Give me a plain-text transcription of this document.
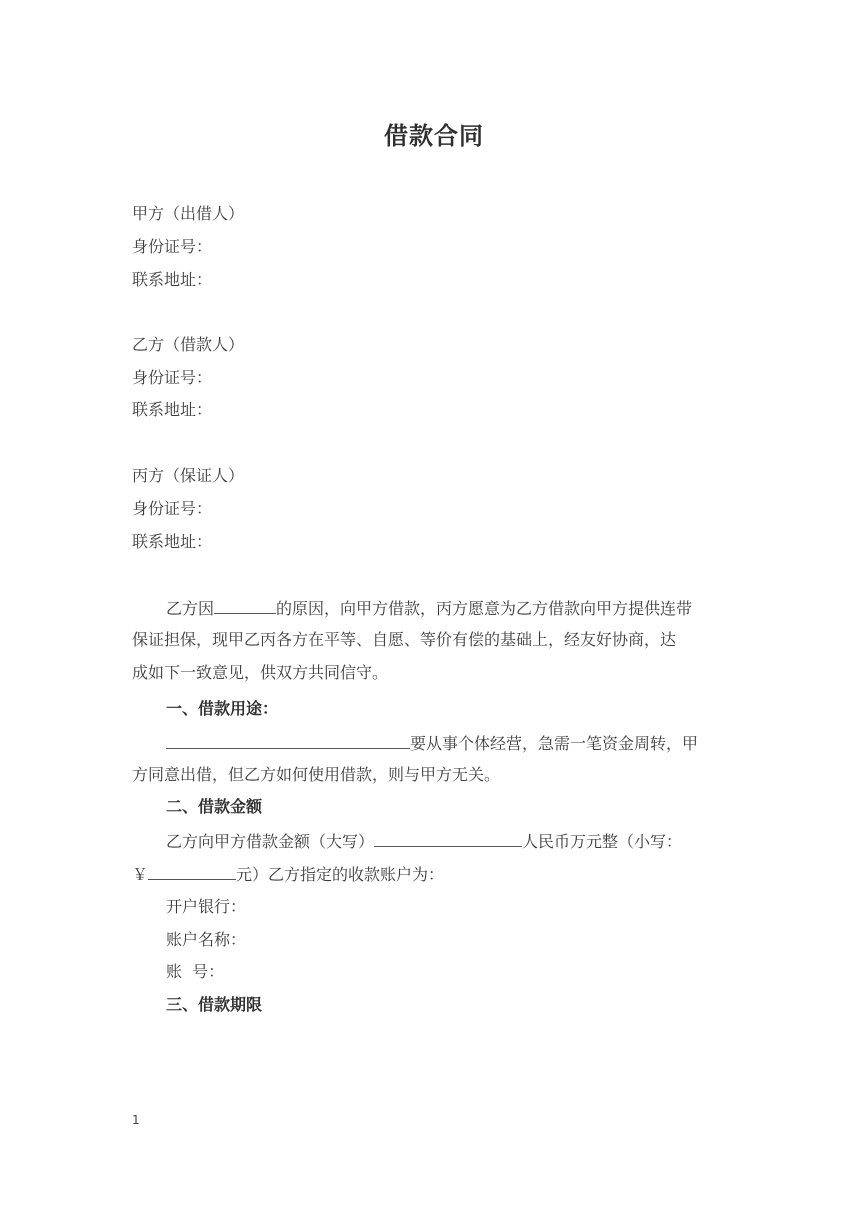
借款合同
甲方（出借人）
身份证号：
联系地址：
乙方（借款人）
身份证号：
联系地址：
丙方（保证人）
身份证号：
联系地址：
乙方因	的原因，向甲方借款，丙方愿意为乙方借款向甲方提供连带
保证担保，现甲乙丙各方在平等、自愿、等价有偿的基础上，经友好协商，达
成如下一致意见，供双方共同信守。
一、借款用途：
要从事个体经营，急需一笔资金周转，甲
方同意出借，但乙方如何使用借款，则与甲方无关。
二、借款金额
乙方向甲方借款金额（大写）	人民币万元整（小写：
￥	元）乙方指定的收款账户为：
开户银行：
账户名称：
账  号：
三、借款期限
1
